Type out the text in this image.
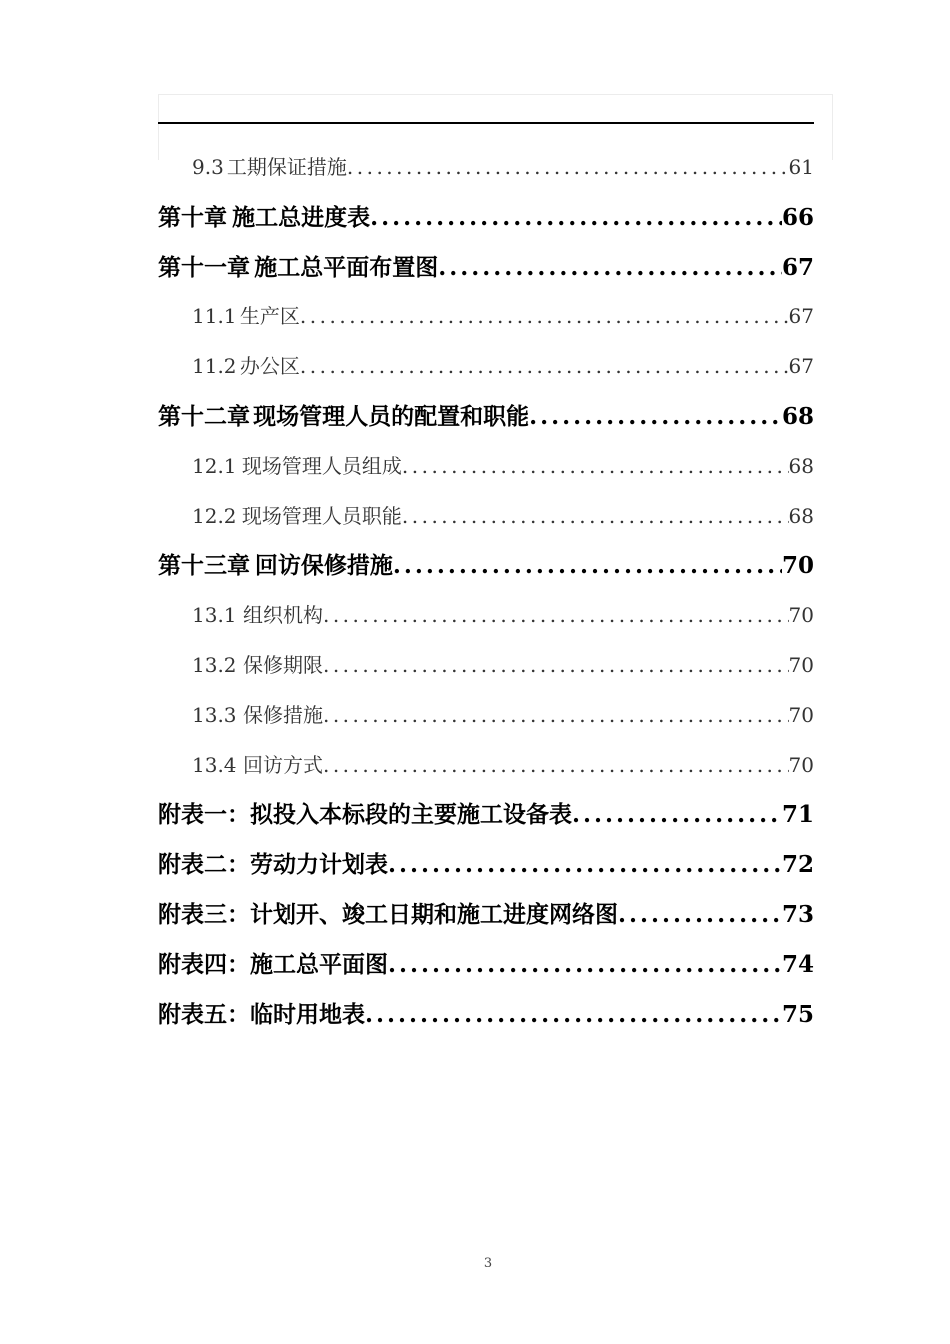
9.3 工期保证措施 .....	61
第十章 施工总进度表 .....	66
第十一章 施工总平面布置图 .....	67
11.1 生产区 .....	67
11.2 办公区 .....	67
第十二章 现场管理人员的配置和职能 .....	68
12.1 现场管理人员组成 .....	68
12.2 现场管理人员职能 .....	68
第十三章 回访保修措施 .....	70
13.1 组织机构 .....	70
13.2 保修期限 .....	70
13.3 保修措施 .....	70
13.4 回访方式 .....	70
附表一： 拟投入本标段的主要施工设备表 .....	71
附表二： 劳动力计划表 .....	72
附表三： 计划开、竣工日期和施工进度网络图 .....	73
附表四： 施工总平面图 .....	74
附表五： 临时用地表 .....	75
3
